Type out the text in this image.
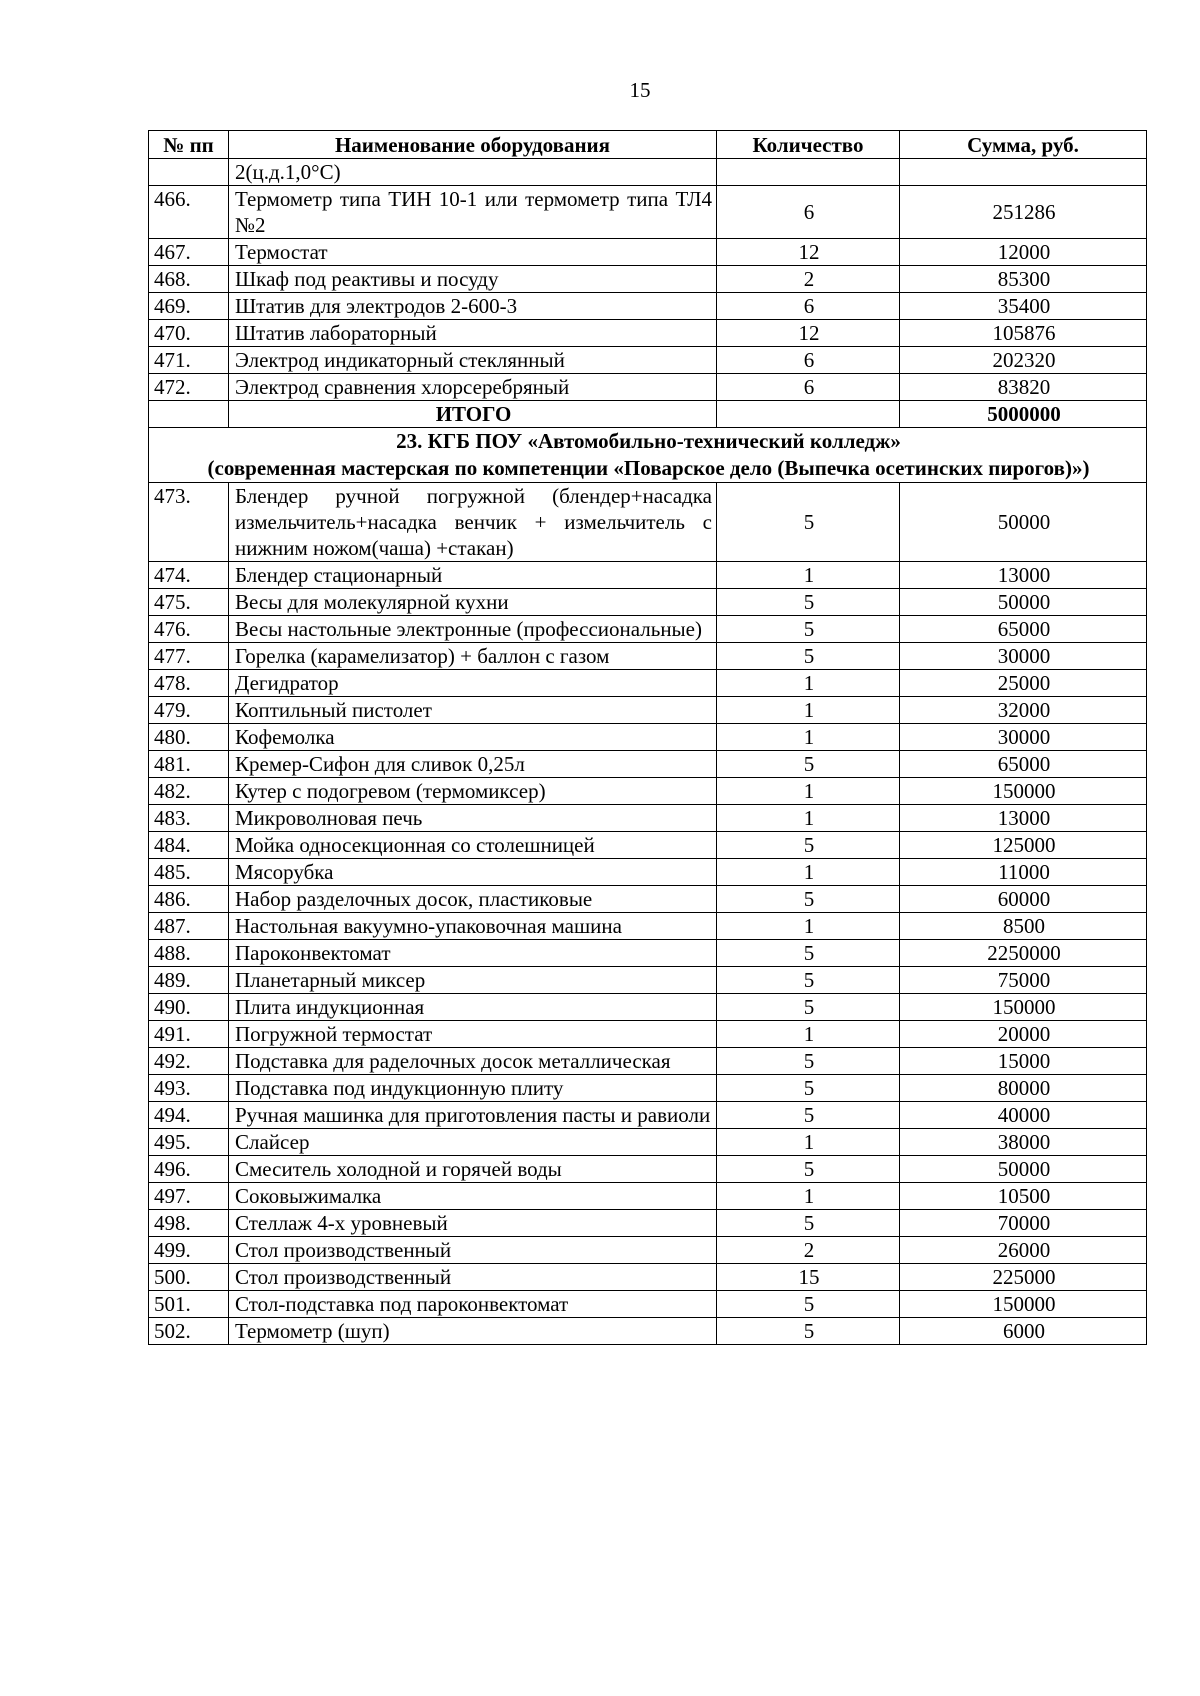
15
№ пп	Наименование оборудования	Количество	Сумма, руб.
	2(ц.д.1,0°С)		
466.	Термометр типа ТИН 10-1 или термометр типа ТЛ4 №2	6	251286
467.	Термостат	12	12000
468.	Шкаф под реактивы и посуду	2	85300
469.	Штатив для электродов 2-600-3	6	35400
470.	Штатив лабораторный	12	105876
471.	Электрод индикаторный стеклянный	6	202320
472.	Электрод сравнения хлорсеребряный	6	83820
	ИТОГО		5000000

23. КГБ ПОУ «Автомобильно-технический колледж»
(современная мастерская по компетенции «Поварское дело (Выпечка осетинских пирогов)»)			

473.	Блендер ручной погружной (блендер+насадка измельчитель+насадка венчик + измельчитель с нижним ножом(чаша) +стакан)	5	50000
474.	Блендер стационарный	1	13000
475.	Весы для молекулярной кухни	5	50000
476.	Весы настольные электронные (профессиональные)	5	65000
477.	Горелка (карамелизатор) + баллон с газом	5	30000
478.	Дегидратор	1	25000
479.	Коптильный пистолет	1	32000
480.	Кофемолка	1	30000
481.	Кремер-Сифон для сливок 0,25л	5	65000
482.	Кутер с подогревом (термомиксер)	1	150000
483.	Микроволновая печь	1	13000
484.	Мойка односекционная со столешницей	5	125000
485.	Мясорубка	1	11000
486.	Набор разделочных досок, пластиковые	5	60000
487.	Настольная вакуумно-упаковочная машина	1	8500
488.	Пароконвектомат	5	2250000
489.	Планетарный миксер	5	75000
490.	Плита индукционная	5	150000
491.	Погружной термостат	1	20000
492.	Подставка для раделочных досок металлическая	5	15000
493.	Подставка под индукционную плиту	5	80000
494.	Ручная машинка для приготовления пасты и равиоли	5	40000
495.	Слайсер	1	38000
496.	Смеситель холодной и горячей воды	5	50000
497.	Соковыжималка	1	10500
498.	Стеллаж 4-х уровневый	5	70000
499.	Стол производственный	2	26000
500.	Стол производственный	15	225000
501.	Стол-подставка под пароконвектомат	5	150000
502.	Термометр (шуп)	5	6000
